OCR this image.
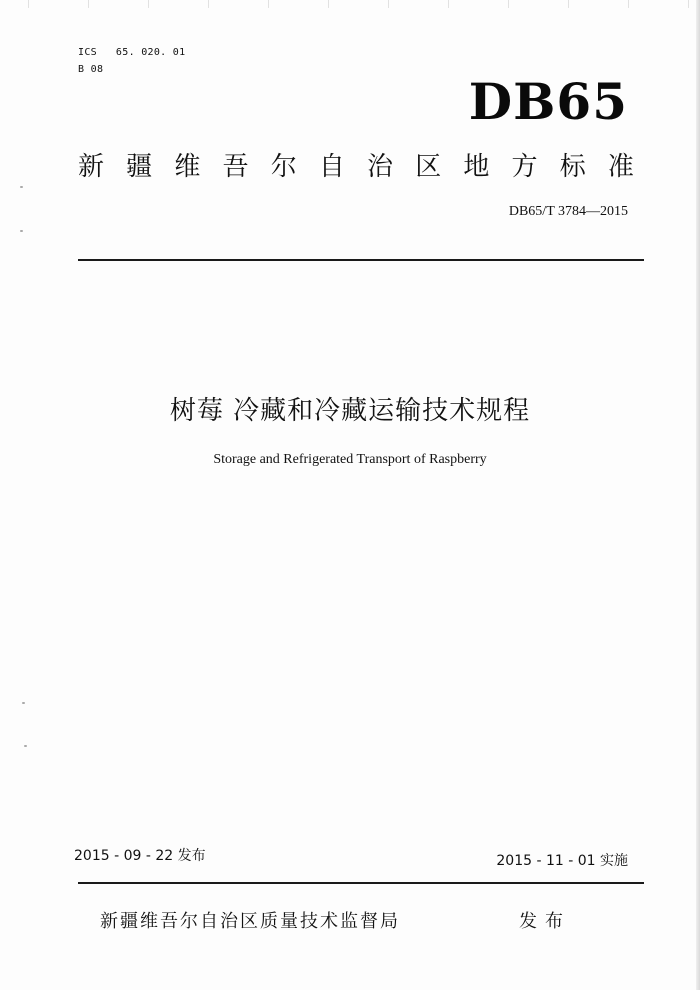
ICS   65. 020. 01
B 08
DB65
新 疆 维 吾 尔 自 治 区 地 方 标 准
DB65/T 3784—2015
树莓 冷藏和冷藏运输技术规程
Storage and Refrigerated Transport of Raspberry
2015 - 09 - 22 发布	2015 - 11 - 01 实施
新疆维吾尔自治区质量技术监督局	发布
